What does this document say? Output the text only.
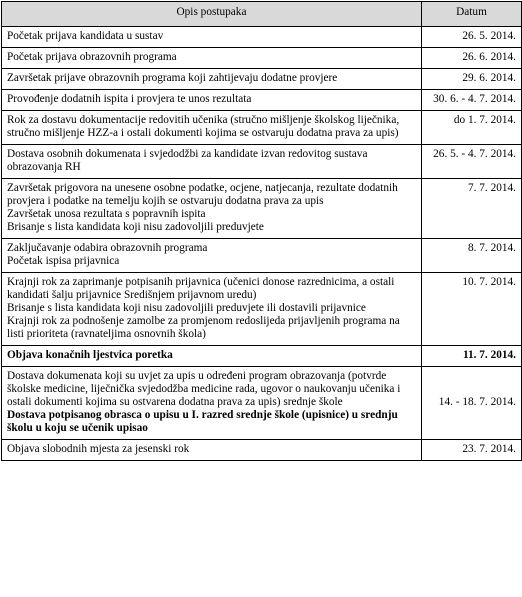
Opis postupaka	Datum

Početak prijava kandidata u sustav	26. 5. 2014.

Početak prijava obrazovnih programa	26. 6. 2014.

Završetak prijave obrazovnih programa koji zahtijevaju dodatne provjere	29. 6. 2014.

Provođenje dodatnih ispita i provjera te unos rezultata	30. 6. - 4. 7. 2014.

Rok za dostavu dokumentacije redovitih učenika (stručno mišljenje školskog liječnika, stručno mišljenje HZZ-a i ostali dokumenti kojima se ostvaruju dodatna prava za upis)	do 1. 7. 2014.

Dostava osobnih dokumenata i svjedodžbi za kandidate izvan redovitog sustava obrazovanja RH	26. 5. - 4. 7. 2014.

Završetak prigovora na unesene osobne podatke, ocjene, natjecanja, rezultate dodatnih provjera i podatke na temelju kojih se ostvaruju dodatna prava za upis
Završetak unosa rezultata s popravnih ispita
Brisanje s lista kandidata koji nisu zadovoljili preduvjete	7. 7. 2014.

Zaključavanje odabira obrazovnih programa
Početak ispisa prijavnica	8. 7. 2014.

Krajnji rok za zaprimanje potpisanih prijavnica (učenici donose razrednicima, a ostali kandidati šalju prijavnice Središnjem prijavnom uredu)
Brisanje s lista kandidata koji nisu zadovoljili preduvjete ili dostavili prijavnice
Krajnji rok za podnošenje zamolbe za promjenom redoslijeda prijavljenih programa na listi prioriteta (ravnateljima osnovnih škola)	10. 7. 2014.

Objava konačnih ljestvica poretka	11. 7. 2014.

Dostava dokumenata koji su uvjet za upis u određeni program obrazovanja (potvrde školske medicine, liječnička svjedodžba medicine rada, ugovor o naukovanju učenika i ostali dokumenti kojima su ostvarena dodatna prava za upis) srednje škole
Dostava potpisanog obrasca o upisu u I. razred srednje škole (upisnice) u srednju školu u koju se učenik upisao	14. - 18. 7. 2014.

Objava slobodnih mjesta za jesenski rok	23. 7. 2014.
